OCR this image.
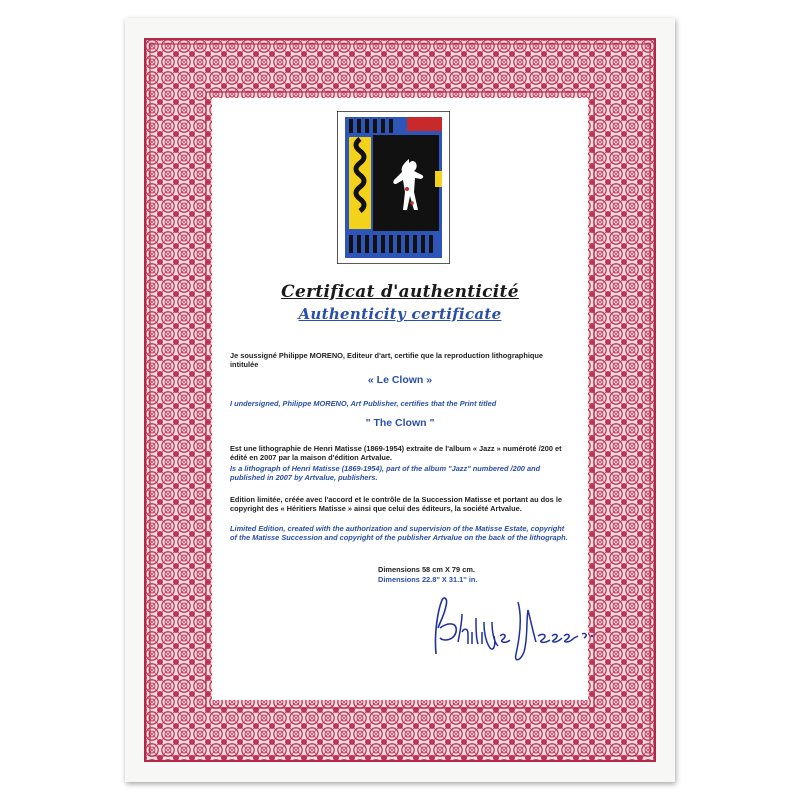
Certificat d'authenticité
Authenticity certificate
Je soussigné Philippe MORENO, Editeur d'art, certifie que la reproduction lithographique intitulée
« Le Clown »
I undersigned, Philippe MORENO, Art Publisher, certifies that the Print titled
" The Clown "
Est une lithographie de Henri Matisse (1869-1954) extraite de l'album « Jazz » numéroté /200 et édité en 2007 par la maison d'édition Artvalue.
Is a lithograph of Henri Matisse (1869-1954), part of the album "Jazz" numbered /200 and published in 2007 by Artvalue, publishers.
Edition limitée, créée avec l'accord et le contrôle de la Succession Matisse et portant au dos le copyright des « Héritiers Matisse » ainsi que celui des éditeurs, la société Artvalue.
Limited Edition, created with the authorization and supervision of the Matisse Estate, copyright of the Matisse Succession and copyright of the publisher Artvalue on the back of the lithograph.
Dimensions 58 cm X 79 cm.
Dimensions 22.8'' X 31.1'' in.
